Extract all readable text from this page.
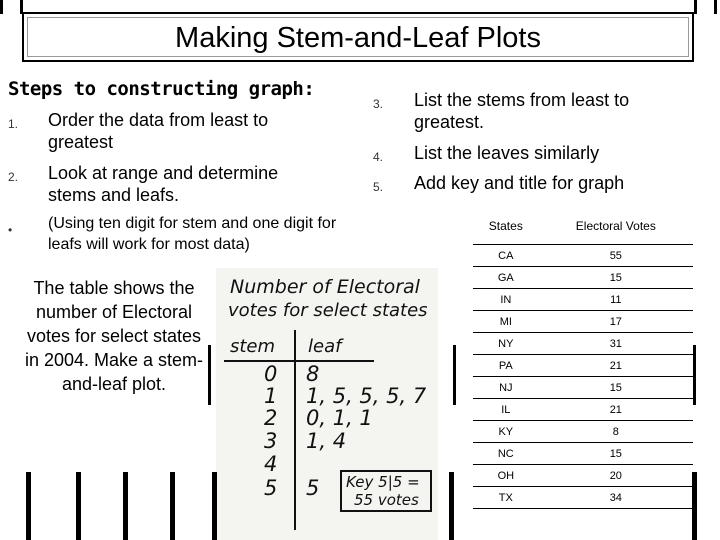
Making Stem-and-Leaf Plots
Steps to constructing graph:
1. Order the data from least to greatest
2. Look at range and determine stems and leafs.
• (Using ten digit for stem and one digit for leafs will work for most data)
3. List the stems from least to greatest.
4. List the leaves similarly
5. Add key and title for graph
The table shows the number of Electoral votes for select states in 2004. Make a stem-and-leaf plot.
Number of Electoral
votes for select states
stem leaf
0 8
1 1, 5, 5, 5, 7
2 0, 1, 1
3 1, 4
4
5 5 Key 5|5 =
55 votes
States	Electoral Votes
CA	55
GA	15
IN	11
MI	17
NY	31
PA	21
NJ	15
IL	21
KY	8
NC	15
OH	20
TX	34
